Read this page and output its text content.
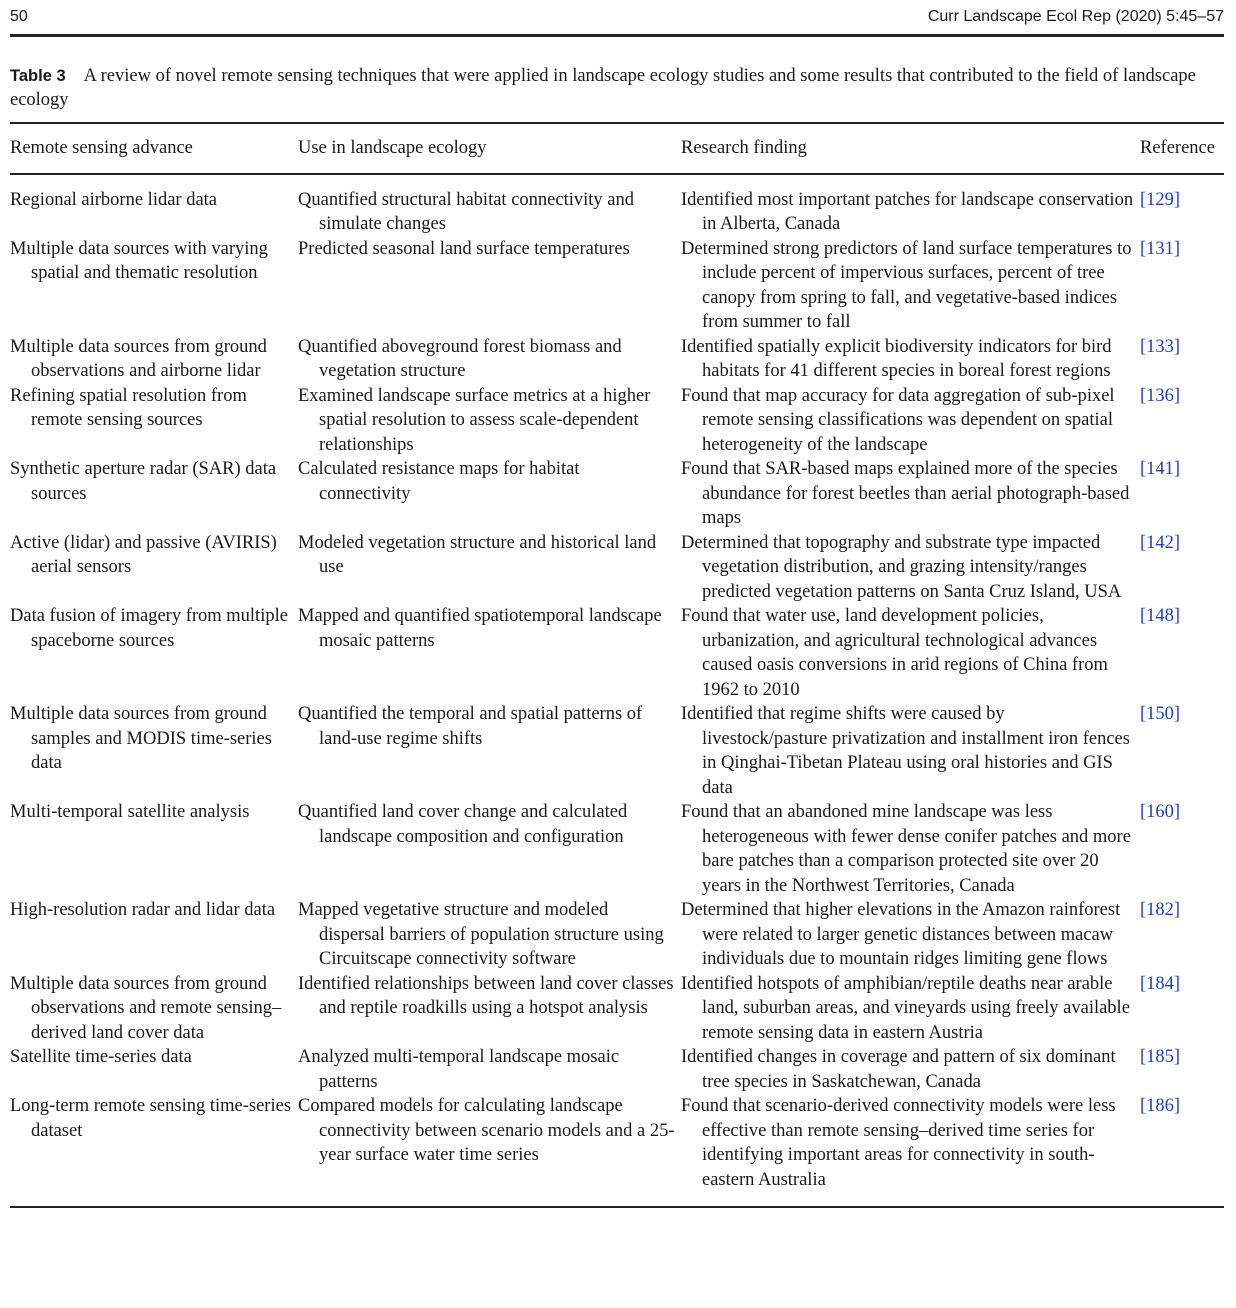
50	Curr Landscape Ecol Rep (2020) 5:45–57
Table 3 A review of novel remote sensing techniques that were applied in landscape ecology studies and some results that contributed to the field of landscape ecology
Remote sensing advance	Use in landscape ecology	Research finding	Reference
Regional airborne lidar data	Quantified structural habitat connectivity and simulate changes	Identified most important patches for landscape conservation in Alberta, Canada	[129]
Multiple data sources with varying spatial and thematic resolution	Predicted seasonal land surface temperatures	Determined strong predictors of land surface temperatures to include percent of impervious surfaces, percent of tree canopy from spring to fall, and vegetative-based indices from summer to fall	[131]
Multiple data sources from ground observations and airborne lidar	Quantified aboveground forest biomass and vegetation structure	Identified spatially explicit biodiversity indicators for bird habitats for 41 different species in boreal forest regions	[133]
Refining spatial resolution from remote sensing sources	Examined landscape surface metrics at a higher spatial resolution to assess scale-dependent relationships	Found that map accuracy for data aggregation of sub-pixel remote sensing classifications was dependent on spatial heterogeneity of the landscape	[136]
Synthetic aperture radar (SAR) data sources	Calculated resistance maps for habitat connectivity	Found that SAR-based maps explained more of the species abundance for forest beetles than aerial photograph-based maps	[141]
Active (lidar) and passive (AVIRIS) aerial sensors	Modeled vegetation structure and historical land use	Determined that topography and substrate type impacted vegetation distribution, and grazing intensity/ranges predicted vegetation patterns on Santa Cruz Island, USA	[142]
Data fusion of imagery from multiple spaceborne sources	Mapped and quantified spatiotemporal landscape mosaic patterns	Found that water use, land development policies, urbanization, and agricultural technological advances caused oasis conversions in arid regions of China from 1962 to 2010	[148]
Multiple data sources from ground samples and MODIS time-series data	Quantified the temporal and spatial patterns of land-use regime shifts	Identified that regime shifts were caused by livestock/pasture privatization and installment iron fences in Qinghai-Tibetan Plateau using oral histories and GIS data	[150]
Multi-temporal satellite analysis	Quantified land cover change and calculated landscape composition and configuration	Found that an abandoned mine landscape was less heterogeneous with fewer dense conifer patches and more bare patches than a comparison protected site over 20 years in the Northwest Territories, Canada	[160]
High-resolution radar and lidar data	Mapped vegetative structure and modeled dispersal barriers of population structure using Circuitscape connectivity software	Determined that higher elevations in the Amazon rainforest were related to larger genetic distances between macaw individuals due to mountain ridges limiting gene flows	[182]
Multiple data sources from ground observations and remote sensing–derived land cover data	Identified relationships between land cover classes and reptile roadkills using a hotspot analysis	Identified hotspots of amphibian/reptile deaths near arable land, suburban areas, and vineyards using freely available remote sensing data in eastern Austria	[184]
Satellite time-series data	Analyzed multi-temporal landscape mosaic patterns	Identified changes in coverage and pattern of six dominant tree species in Saskatchewan, Canada	[185]
Long-term remote sensing time-series dataset	Compared models for calculating landscape connectivity between scenario models and a 25-year surface water time series	Found that scenario-derived connectivity models were less effective than remote sensing–derived time series for identifying important areas for connectivity in south-eastern Australia	[186]
